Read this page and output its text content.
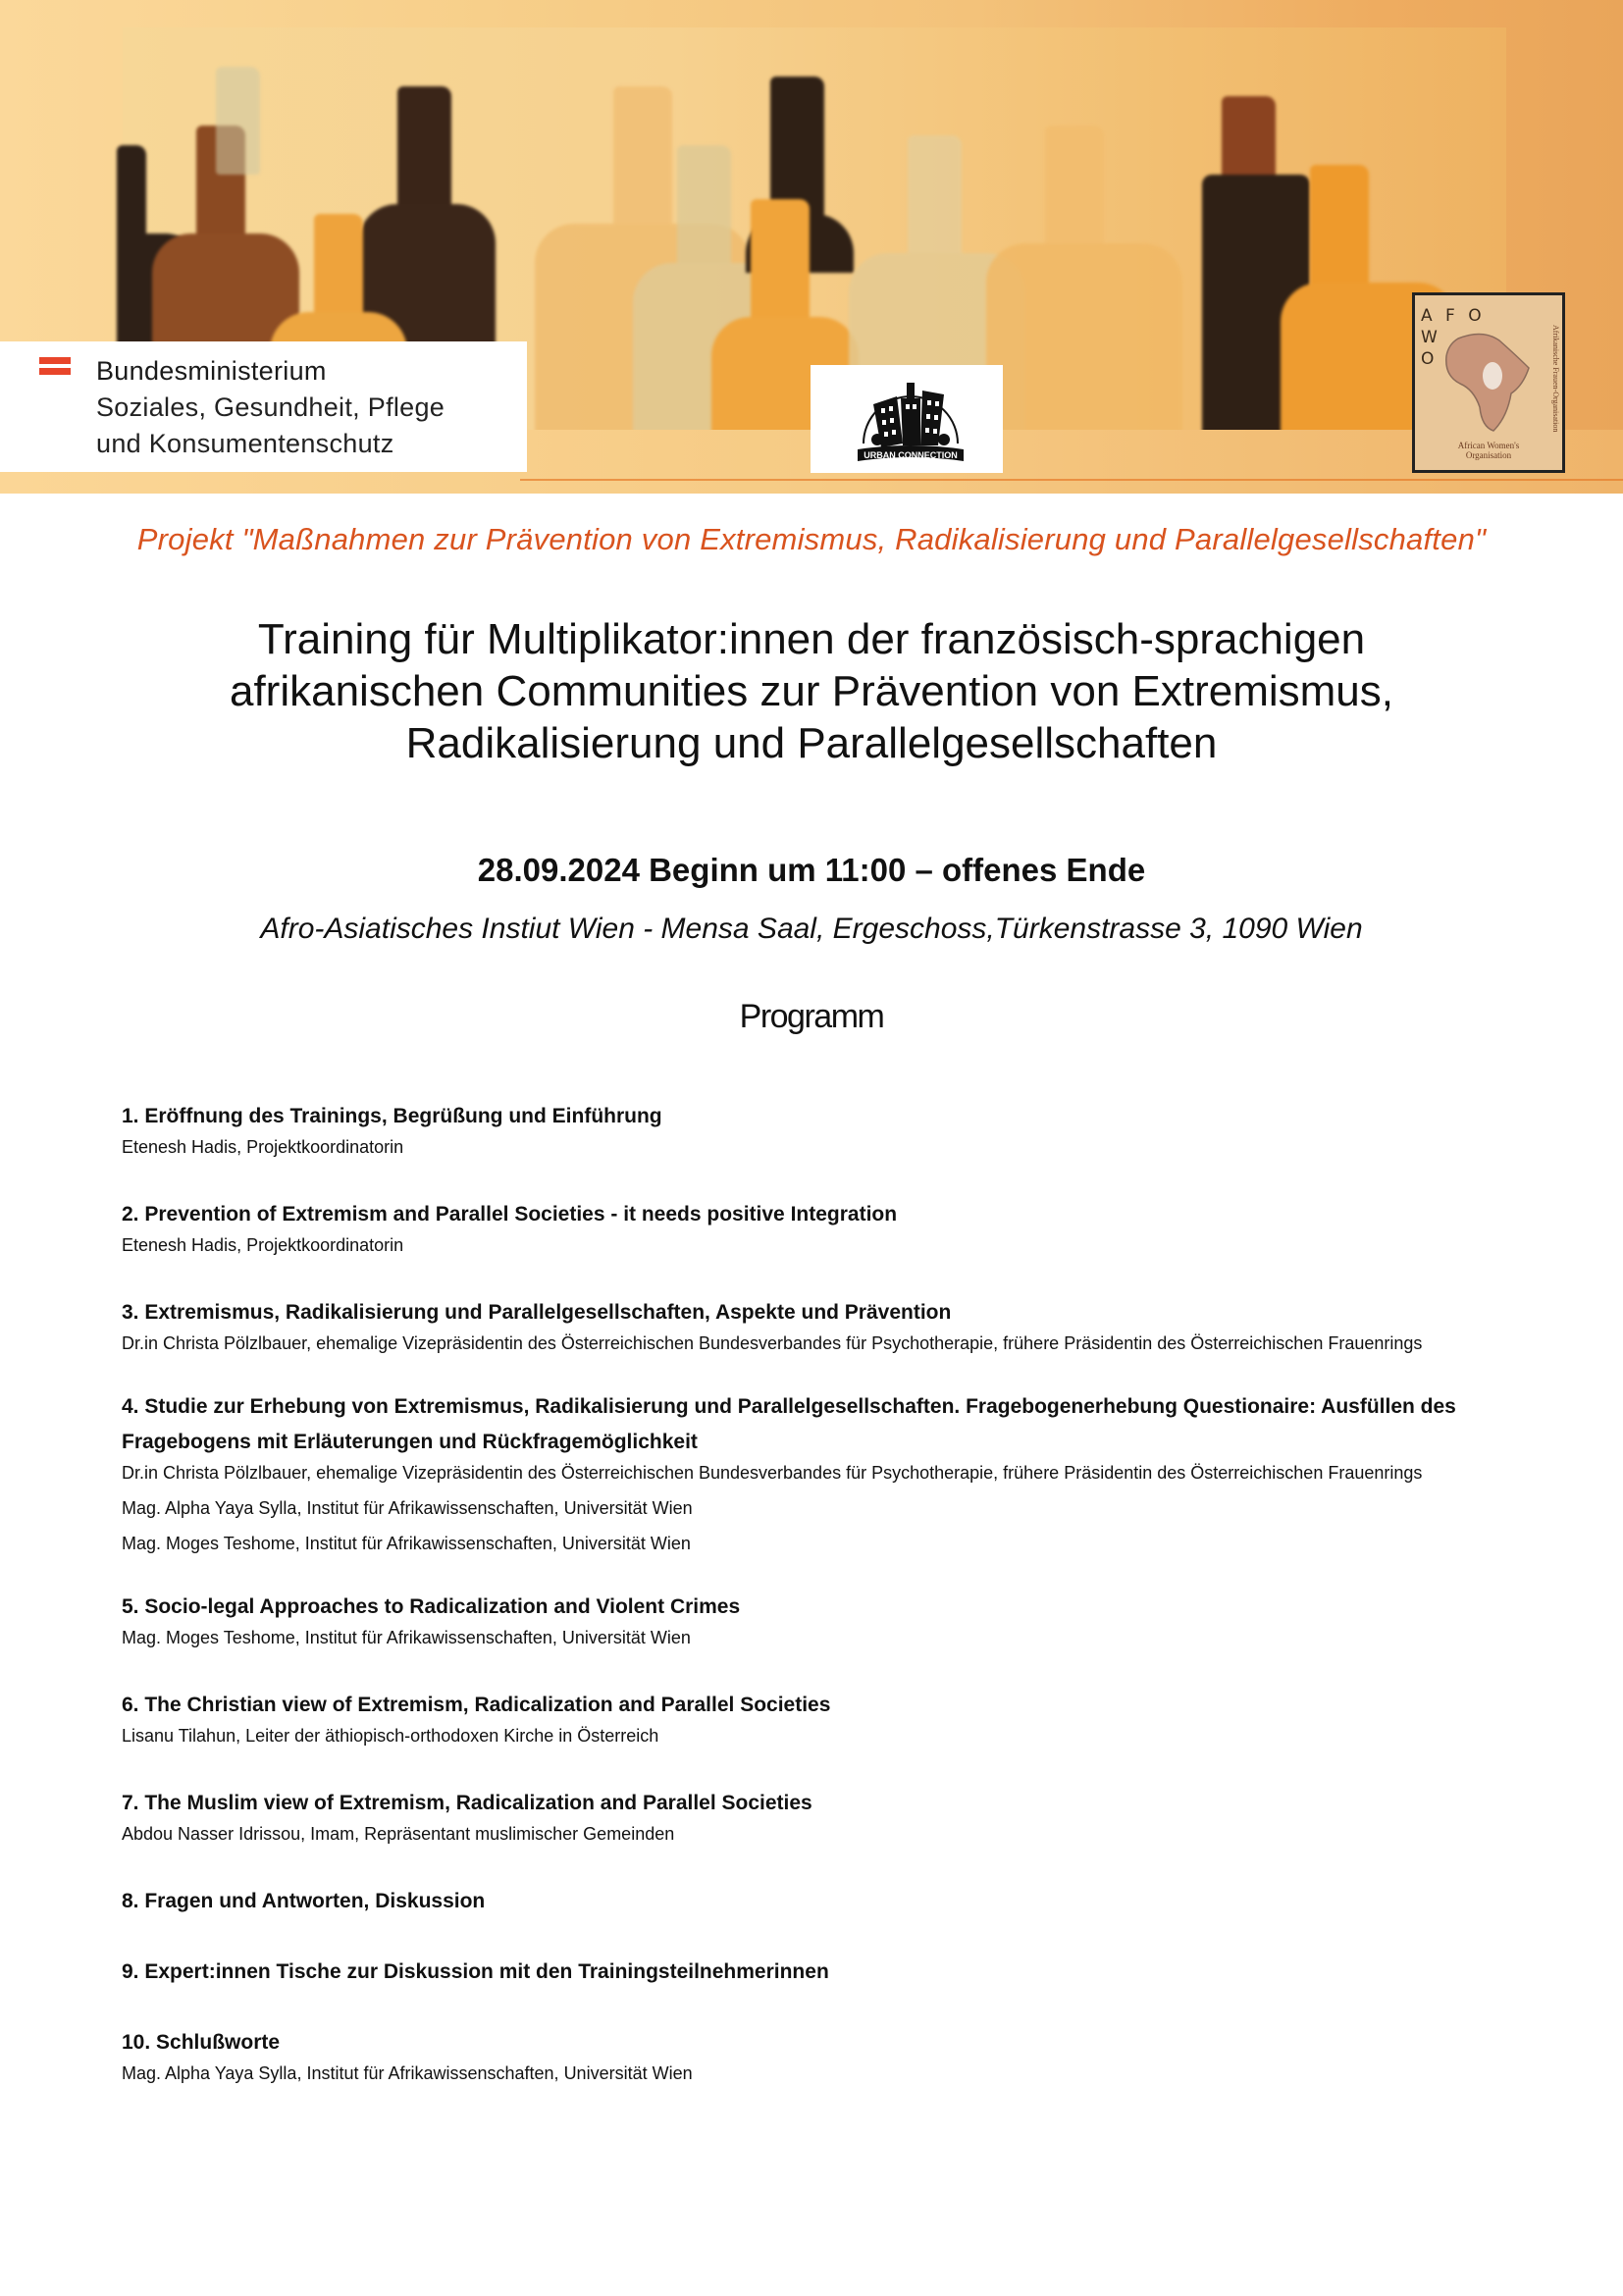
Bundesministerium
Soziales, Gesundheit, Pflege
und Konsumentenschutz	URBAN CONNECTION
A F O
W
O	Afrikanische Frauen-Organisation
African Women's
Organisation
Projekt "Maßnahmen zur Prävention von Extremismus, Radikalisierung und Parallelgesellschaften"
Training für Multiplikator:innen der französisch-sprachigen
afrikanischen Communities zur Prävention von Extremismus,
Radikalisierung und Parallelgesellschaften
28.09.2024 Beginn um 11:00 – offenes Ende
Afro-Asiatisches Instiut Wien - Mensa Saal, Ergeschoss,Türkenstrasse 3, 1090 Wien
Programm
1. Eröffnung des Trainings, Begrüßung und Einführung
Etenesh Hadis, Projektkoordinatorin
2. Prevention of Extremism and Parallel Societies - it needs positive Integration
Etenesh Hadis, Projektkoordinatorin
3. Extremismus, Radikalisierung und Parallelgesellschaften, Aspekte und Prävention
Dr.in Christa Pölzlbauer, ehemalige Vizepräsidentin des Österreichischen Bundesverbandes für Psychotherapie, frühere Präsidentin des Österreichischen Frauenrings
4. Studie zur Erhebung von Extremismus, Radikalisierung und Parallelgesellschaften. Fragebogenerhebung Questionaire: Ausfüllen des Fragebogens mit Erläuterungen und Rückfragemöglichkeit
Dr.in Christa Pölzlbauer, ehemalige Vizepräsidentin des Österreichischen Bundesverbandes für Psychotherapie, frühere Präsidentin des Österreichischen Frauenrings
Mag. Alpha Yaya Sylla, Institut für Afrikawissenschaften, Universität Wien
Mag. Moges Teshome, Institut für Afrikawissenschaften, Universität Wien
5. Socio-legal Approaches to Radicalization and Violent Crimes
Mag. Moges Teshome, Institut für Afrikawissenschaften, Universität Wien
6. The Christian view of Extremism, Radicalization and Parallel Societies
Lisanu Tilahun, Leiter der äthiopisch-orthodoxen Kirche in Österreich
7. The Muslim view of Extremism, Radicalization and Parallel Societies
Abdou Nasser Idrissou, Imam, Repräsentant muslimischer Gemeinden
8. Fragen und Antworten, Diskussion
9. Expert:innen Tische zur Diskussion mit den Trainingsteilnehmerinnen
10. Schlußworte
Mag. Alpha Yaya Sylla, Institut für Afrikawissenschaften, Universität Wien
